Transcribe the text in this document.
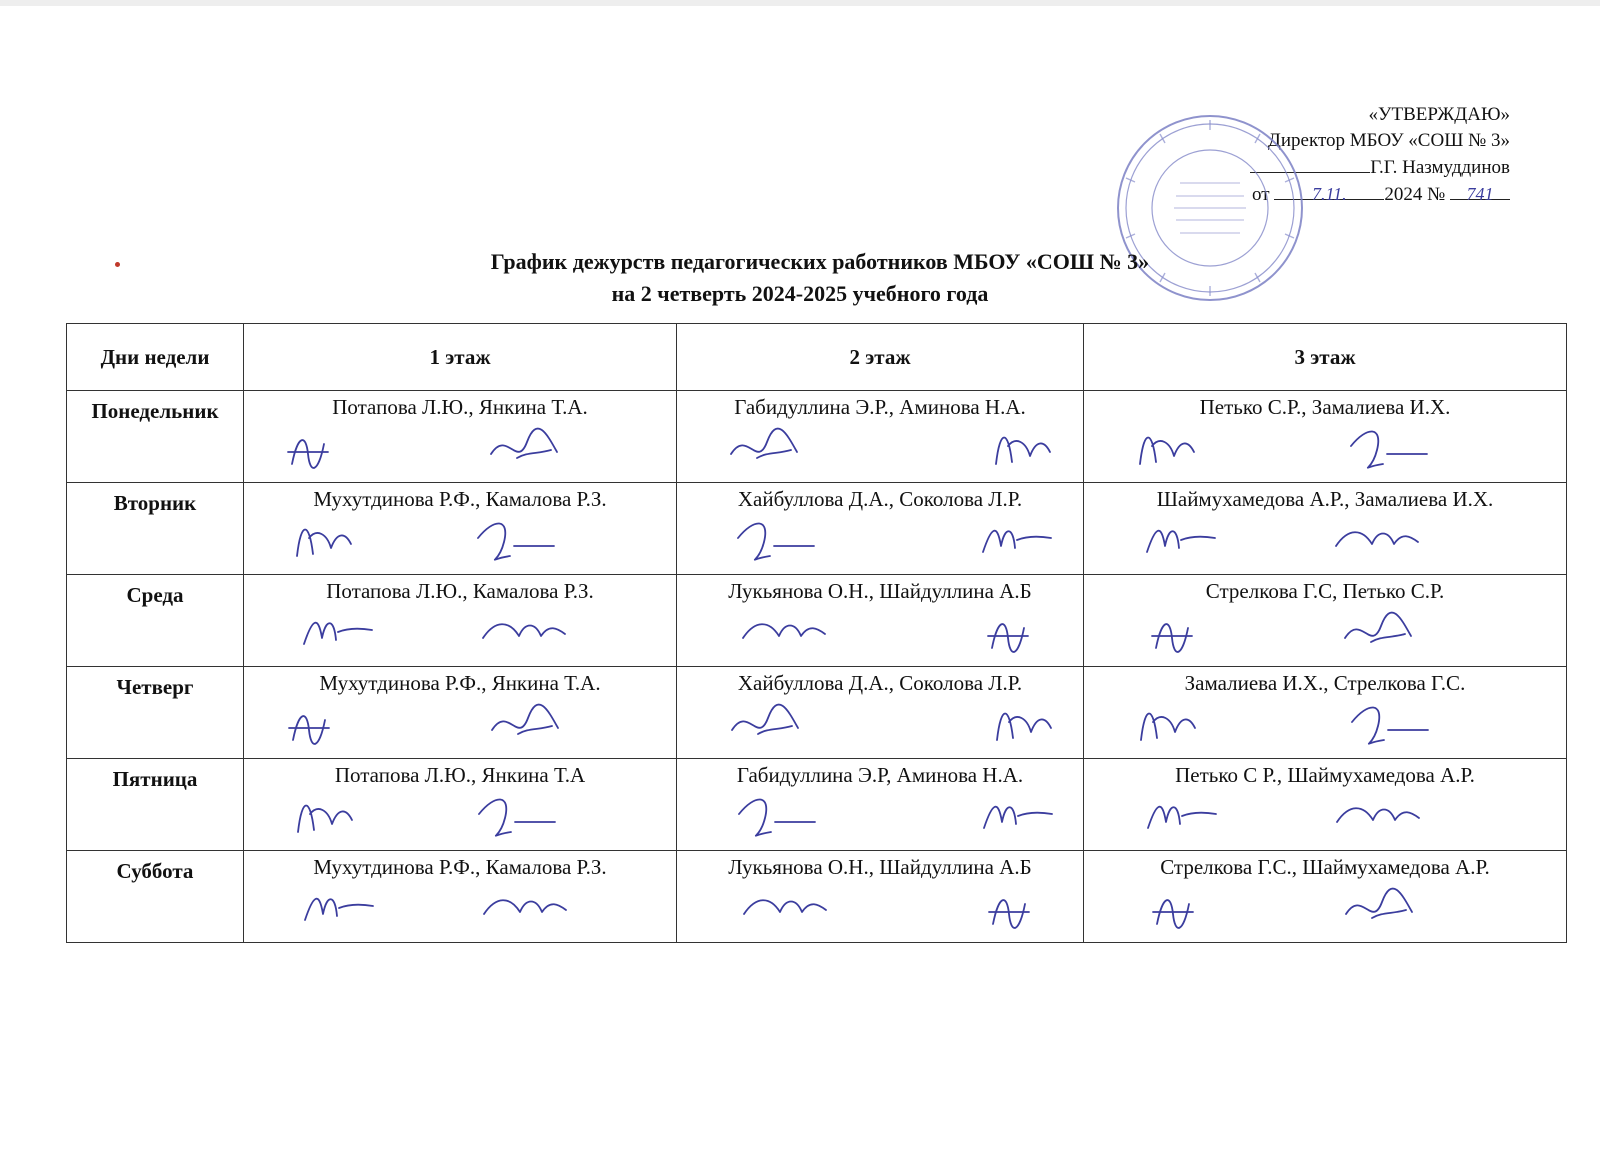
«УТВЕРЖДАЮ»
Директор МБОУ «СОШ № 3»
Г.Г. Назмуддинов
от 7.11. 2024 № 741
График дежурств педагогических работников МБОУ «СОШ № 3»
на 2 четверть 2024-2025 учебного года
Дни недели	1 этаж	2 этаж	3 этаж
Понедельник	Потапова Л.Ю., Янкина Т.А.	Габидуллина Э.Р., Аминова Н.А.	Петько С.Р., Замалиева И.Х.

Вторник	Мухутдинова Р.Ф., Камалова Р.З.	Хайбуллова Д.А., Соколова Л.Р.	Шаймухамедова А.Р., Замалиева И.Х.

Среда	Потапова Л.Ю., Камалова Р.З.	Лукьянова О.Н., Шайдуллина А.Б	Стрелкова Г.С, Петько С.Р.

Четверг	Мухутдинова Р.Ф., Янкина Т.А.	Хайбуллова Д.А., Соколова Л.Р.	Замалиева И.Х., Стрелкова Г.С.

Пятница	Потапова Л.Ю., Янкина Т.А	Габидуллина Э.Р, Аминова Н.А.	Петько С Р., Шаймухамедова А.Р.

Суббота	Мухутдинова Р.Ф., Камалова Р.З.	Лукьянова О.Н., Шайдуллина А.Б	Стрелкова Г.С., Шаймухамедова А.Р.
